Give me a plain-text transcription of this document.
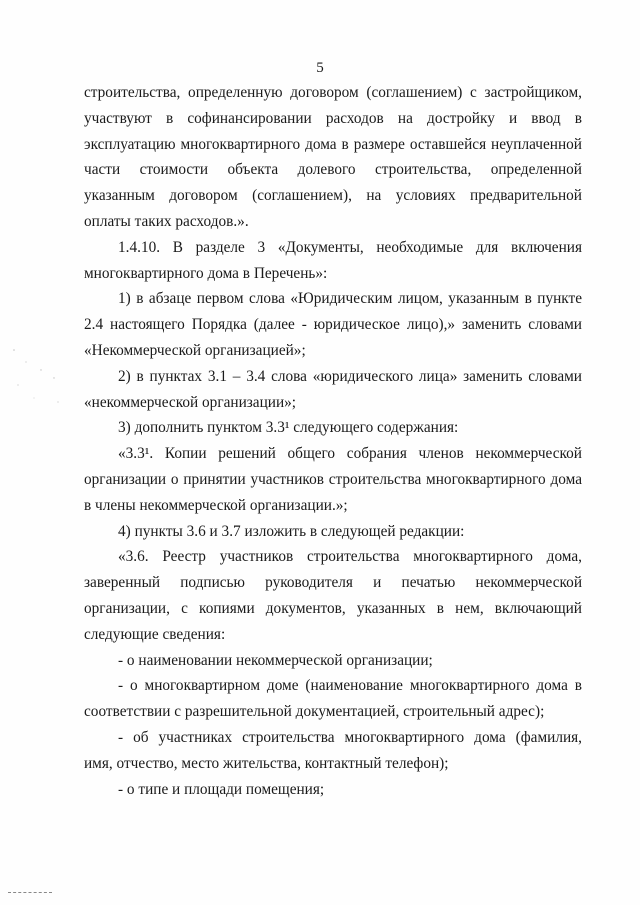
5
строительства, определенную договором (соглашением) с застройщиком,
участвуют в софинансировании расходов на достройку и ввод в
эксплуатацию многоквартирного дома в размере оставшейся неуплаченной
части стоимости объекта долевого строительства, определенной
указанным договором (соглашением), на условиях предварительной
оплаты таких расходов.».
1.4.10. В разделе 3 «Документы, необходимые для включения
многоквартирного дома в Перечень»:
1) в абзаце первом слова «Юридическим лицом, указанным в пункте
2.4 настоящего Порядка (далее - юридическое лицо),» заменить словами
«Некоммерческой организацией»;
2) в пунктах 3.1 – 3.4 слова «юридического лица» заменить словами
«некоммерческой организации»;
3) дополнить пунктом 3.3¹ следующего содержания:
«3.3¹. Копии решений общего собрания членов некоммерческой
организации о принятии участников строительства многоквартирного дома
в члены некоммерческой организации.»;
4) пункты 3.6 и 3.7 изложить в следующей редакции:
«3.6. Реестр участников строительства многоквартирного дома,
заверенный подписью руководителя и печатью некоммерческой
организации, с копиями документов, указанных в нем, включающий
следующие сведения:
- о наименовании некоммерческой организации;
- о многоквартирном доме (наименование многоквартирного дома в
соответствии с разрешительной документацией, строительный адрес);
- об участниках строительства многоквартирного дома (фамилия,
имя, отчество, место жительства, контактный телефон);
- о типе и площади помещения;
